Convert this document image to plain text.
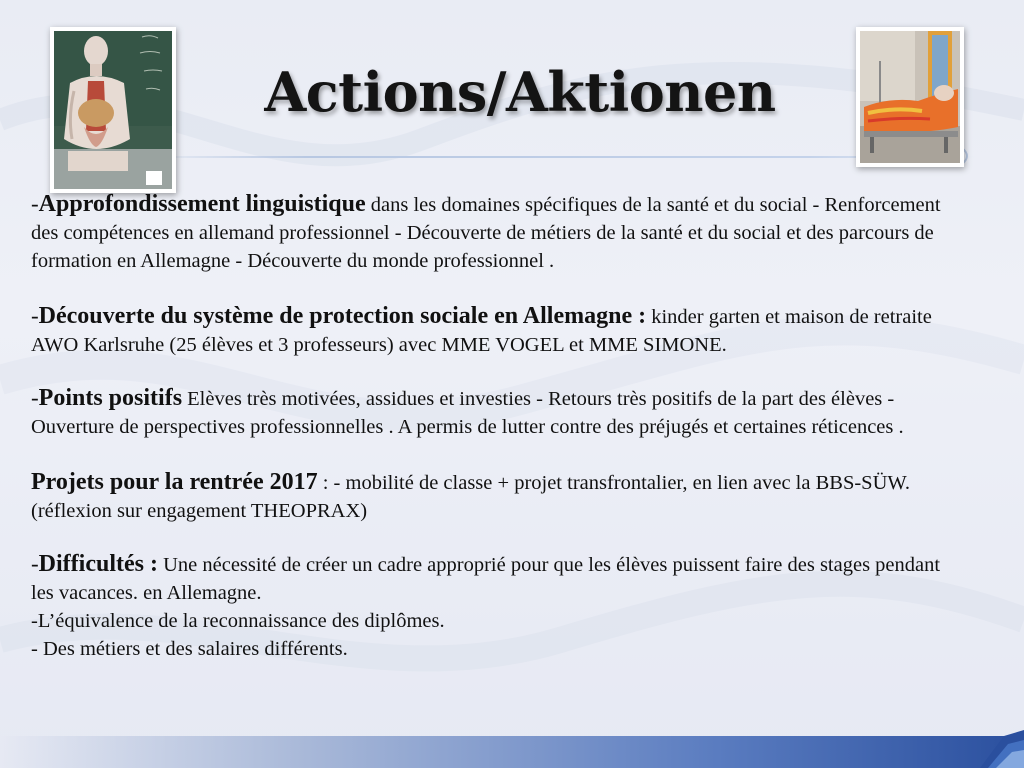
Actions/Aktionen

-Approfondissement linguistique dans les domaines spécifiques de la santé et du social - Renforcement des compétences en allemand professionnel - Découverte de métiers de la santé et du social et des parcours de formation en Allemagne - Découverte du monde professionnel .

-Découverte du système de protection sociale en Allemagne : kinder garten et maison de retraite AWO Karlsruhe (25 élèves et 3 professeurs) avec MME VOGEL et MME SIMONE.

-Points positifs Elèves très motivées, assidues et investies - Retours très positifs de la part des élèves - Ouverture de perspectives professionnelles . A permis de lutter contre des préjugés et certaines réticences .

Projets pour la rentrée 2017 : - mobilité de classe + projet transfrontalier, en lien avec la BBS-SÜW. (réflexion sur engagement THEOPRAX)

-Difficultés : Une nécessité de créer un cadre approprié pour que les élèves puissent faire des stages pendant les vacances. en Allemagne.

-L’équivalence de la reconnaissance des diplômes.

- Des métiers et des salaires différents.
